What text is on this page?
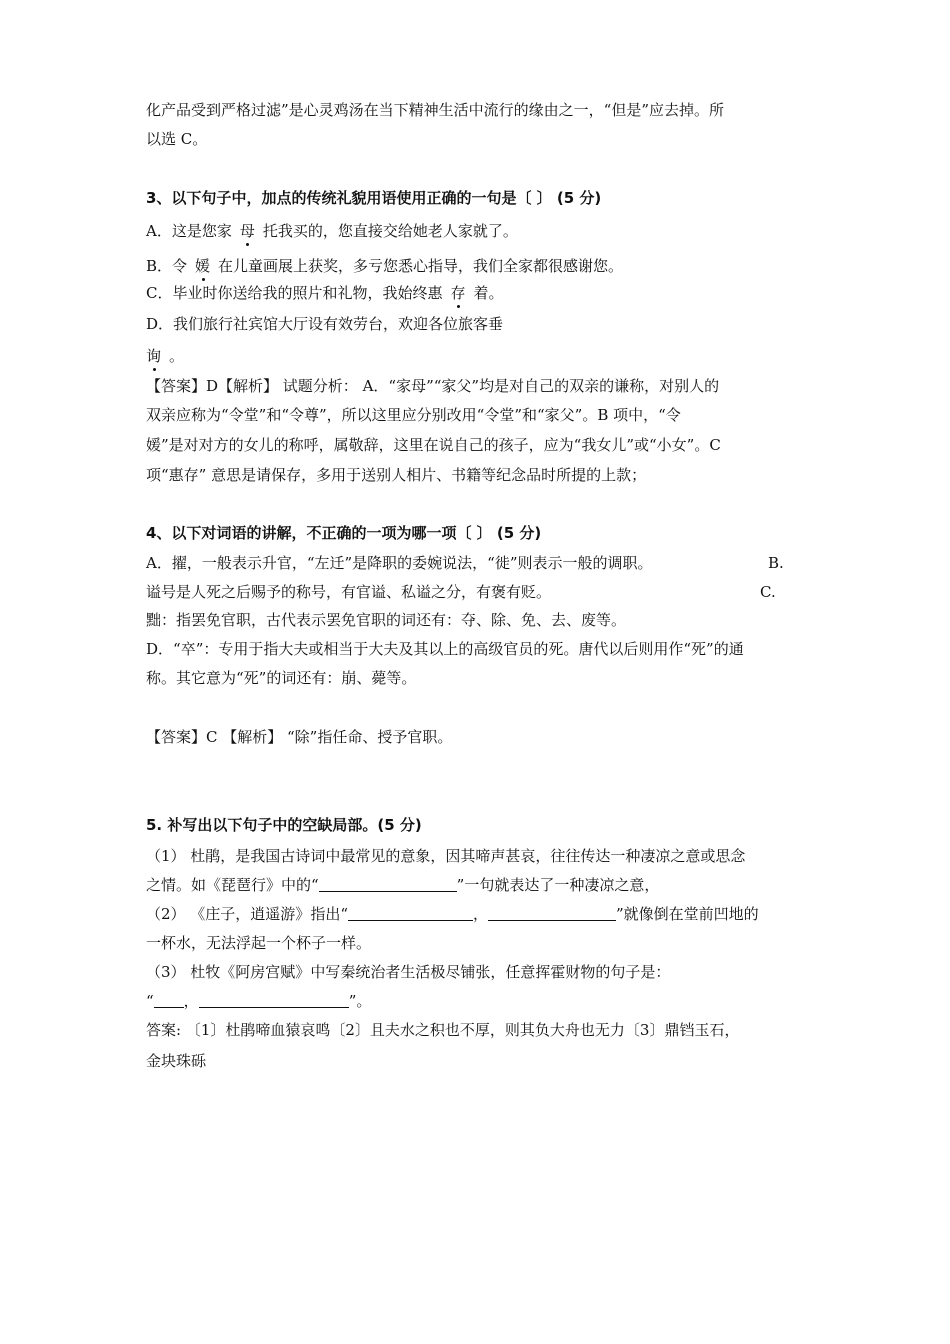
化产品受到严格过滤”是心灵鸡汤在当下精神生活中流行的缘由之一，“但是”应去掉。所
以选 C。
3、以下句子中，加点的传统礼貌用语使用正确的一句是〔 〕 (5 分)
A．这是您家 母 托我买的，您直接交给她老人家就了。
B．令 媛 在儿童画展上获奖，多亏您悉心指导，我们全家都很感谢您。
C．毕业时你送给我的照片和礼物，我始终惠 存 着。
D．我们旅行社宾馆大厅设有效劳台，欢迎各位旅客垂
询 。
【答案】D【解析】 试题分析： A．“家母”“家父”均是对自己的双亲的谦称，对别人的
双亲应称为“令堂”和“令尊”，所以这里应分别改用“令堂”和“家父”。B 项中，“令
媛”是对对方的女儿的称呼，属敬辞，这里在说自己的孩子，应为“我女儿”或“小女”。C
项“惠存” 意思是请保存，多用于送别人相片、书籍等纪念品时所提的上款；
4、以下对词语的讲解，不正确的一项为哪一项〔 〕 (5 分)
A．擢，一般表示升官，“左迁”是降职的委婉说法，“徙”则表示一般的调职。	B.
谥号是人死之后赐予的称号，有官谥、私谥之分，有褒有贬。	C.
黜：指罢免官职，古代表示罢免官职的词还有：夺、除、免、去、废等。
D．“卒”：专用于指大夫或相当于大夫及其以上的高级官员的死。唐代以后则用作“死”的通
称。其它意为“死”的词还有：崩、薨等。
【答案】C 【解析】 “除”指任命、授予官职。
5. 补写出以下句子中的空缺局部。(5 分)
（1） 杜鹃，是我国古诗词中最常见的意象，因其啼声甚哀，往往传达一种凄凉之意或思念
之情。如《琵琶行》中的“	”一句就表达了一种凄凉之意，
（2） 《庄子，逍遥游》指出“	，	”就像倒在堂前凹地的
一杯水，无法浮起一个杯子一样。
（3） 杜牧《阿房宫赋》中写秦统治者生活极尽铺张，任意挥霍财物的句子是：
“ ，	”。
答案: 〔1〕杜鹃啼血猿哀鸣〔2〕且夫水之积也不厚，则其负大舟也无力〔3〕鼎铛玉石，
金块珠砾
